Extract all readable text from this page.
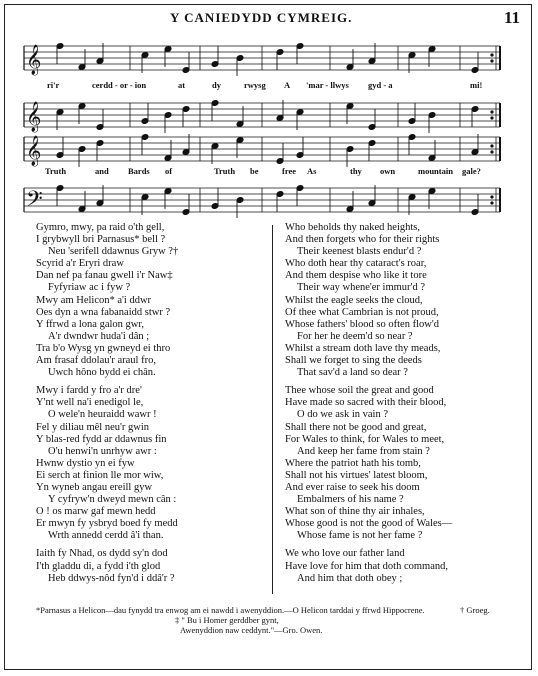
Y CANIEDYDD CYMREIG.	11
𝄞
𝄞
𝄞
𝄢
ri'r	cerdd - or - ion	at	dy	rwysg A 'mar - llwys gyd - a	mi!
Truth	and Bards of	Truth be	free As	thy own	mountain gale?
Gymro, mwy, pa raid o'th gell,
I grybwyll bri Parnasus* bell ?
Neu 'serifell ddawnus Gryw ?†
Scyrid a'r Eryri draw
Dan nef pa fanau gwell i'r Naw‡
Fyfyriaw ac i fyw ?
Mwy am Helicon* a'i ddwr
Oes dyn a wna fabanaidd stwr ?
Y ffrwd a lona galon gwr,
A'r dwndwr huda'i dân ;
Tra b'o Wysg yn gwneyd ei thro
Am frasaf ddolau'r araul fro,
Uwch hôno bydd ei chân.
Mwy i fardd y fro a'r dre'
Y'nt well na'i enedigol le,
O wele'n heuraidd wawr !
Fel y diliau mêl neu'r gwin
Y blas-red fydd ar ddawnus fin
O'u henwi'n unrhyw awr :
Hwnw dystio yn ei fyw
Ei serch at finion lle mor wiw,
Yn wyneb angau ereill gyw
Y cyfryw'n dweyd mewn cân :
O ! os marw gaf mewn hedd
Er mwyn fy ysbryd boed fy medd
Wrth annedd cerdd â'i than.
Iaith fy Nhad, os dydd sy'n dod
I'th gladdu di, a fydd i'th glod
Heb ddwys-nôd fyn'd i ddâ'r ?
Who beholds thy naked heights,
And then forgets who for their rights
Their keenest blasts endur'd ?
Who doth hear thy cataract's roar,
And them despise who like it tore
Their way whene'er immur'd ?
Whilst the eagle seeks the cloud,
Of thee what Cambrian is not proud,
Whose fathers' blood so often flow'd
For her he deem'd so near ?
Whilst a stream doth lave thy meads,
Shall we forget to sing the deeds
That sav'd a land so dear ?
Thee whose soil the great and good
Have made so sacred with their blood,
O do we ask in vain ?
Shall there not be good and great,
For Wales to think, for Wales to meet,
And keep her fame from stain ?
Where the patriot hath his tomb,
Shall not his virtues' latest bloom,
And ever raise to seek his doom
Embalmers of his name ?
What son of thine thy air inhales,
Whose good is not the good of Wales—
Whose fame is not her fame ?
We who love our father land
Have love for him that doth command,
And him that doth obey ;
*Parnasus a Helicon—dau fynydd tra enwog am ei nawdd i awenyddion.—O Helicon tarddai y ffrwd Hippocrene.	† Groeg.
‡ " Bu i Homer gerddber gynt,
Awenyddion naw ceddynt."—Gro. Owen.
